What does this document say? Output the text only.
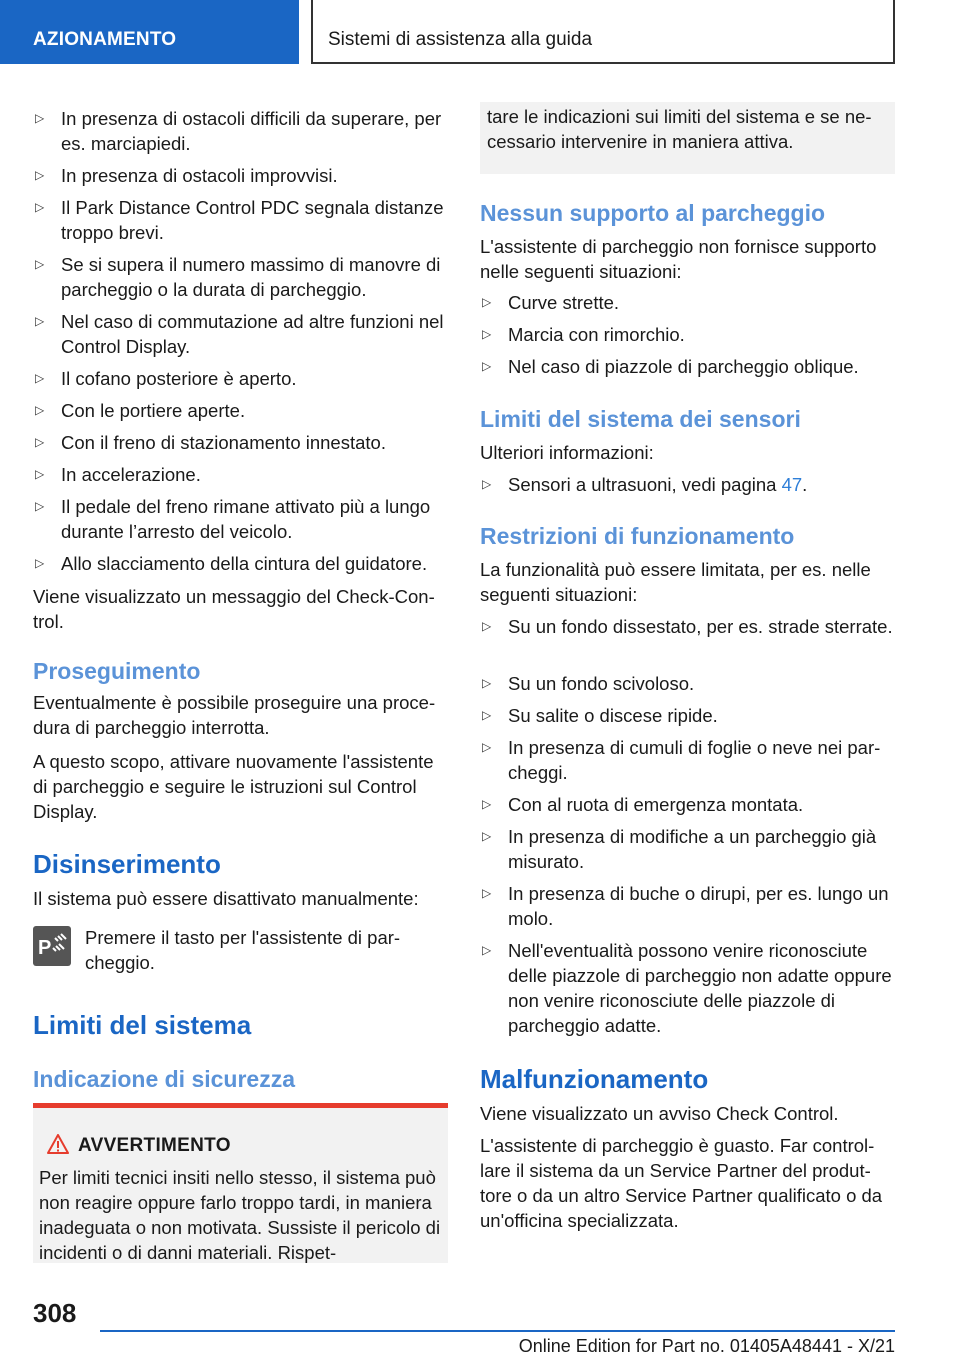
AZIONAMENTO	Sistemi di assistenza alla guida
▷ In presenza di ostacoli difficili da superare, per es. marciapiedi.
▷ In presenza di ostacoli improvvisi.
▷ Il Park Distance Control PDC segnala distanze troppo brevi.
▷ Se si supera il numero massimo di manovre di parcheggio o la durata di parcheggio.
▷ Nel caso di commutazione ad altre funzioni nel Control Display.
▷ Il cofano posteriore è aperto.
▷ Con le portiere aperte.
▷ Con il freno di stazionamento innestato.
▷ In accelerazione.
▷ Il pedale del freno rimane attivato più a lungo durante l’arresto del veicolo.
▷ Allo slacciamento della cintura del guidatore.
Viene visualizzato un messaggio del Check-Control.
Proseguimento
Eventualmente è possibile proseguire una procedura di parcheggio interrotta.
A questo scopo, attivare nuovamente l'assistente di parcheggio e seguire le istruzioni sul Control Display.
Disinserimento
Il sistema può essere disattivato manualmente:
Premere il tasto per l'assistente di parcheggio.
Limiti del sistema
Indicazione di sicurezza
P
AVVERTIMENTO
Per limiti tecnici insiti nello stesso, il sistema può non reagire oppure farlo troppo tardi, in maniera inadeguata o non motivata. Sussiste il pericolo di incidenti o di danni materiali. Rispet-
tare le indicazioni sui limiti del sistema e se necessario intervenire in maniera attiva.
Nessun supporto al parcheggio
L'assistente di parcheggio non fornisce supporto nelle seguenti situazioni:
▷ Curve strette.
▷ Marcia con rimorchio.
▷ Nel caso di piazzole di parcheggio oblique.
Limiti del sistema dei sensori
Ulteriori informazioni:
▷ Sensori a ultrasuoni, vedi pagina 47.
Restrizioni di funzionamento
La funzionalità può essere limitata, per es. nelle seguenti situazioni:
▷ Su un fondo dissestato, per es. strade sterrate.
▷ Su un fondo scivoloso.
▷ Su salite o discese ripide.
▷ In presenza di cumuli di foglie o neve nei parcheggi.
▷ Con al ruota di emergenza montata.
▷ In presenza di modifiche a un parcheggio già misurato.
▷ In presenza di buche o dirupi, per es. lungo un molo.
▷ Nell'eventualità possono venire riconosciute delle piazzole di parcheggio non adatte oppure non venire riconosciute delle piazzole di parcheggio adatte.
Malfunzionamento
Viene visualizzato un avviso Check Control.
L'assistente di parcheggio è guasto. Far controllare il sistema da un Service Partner del produttore o da un altro Service Partner qualificato o da un'officina specializzata.
308
Online Edition for Part no. 01405A48441 - X/21
